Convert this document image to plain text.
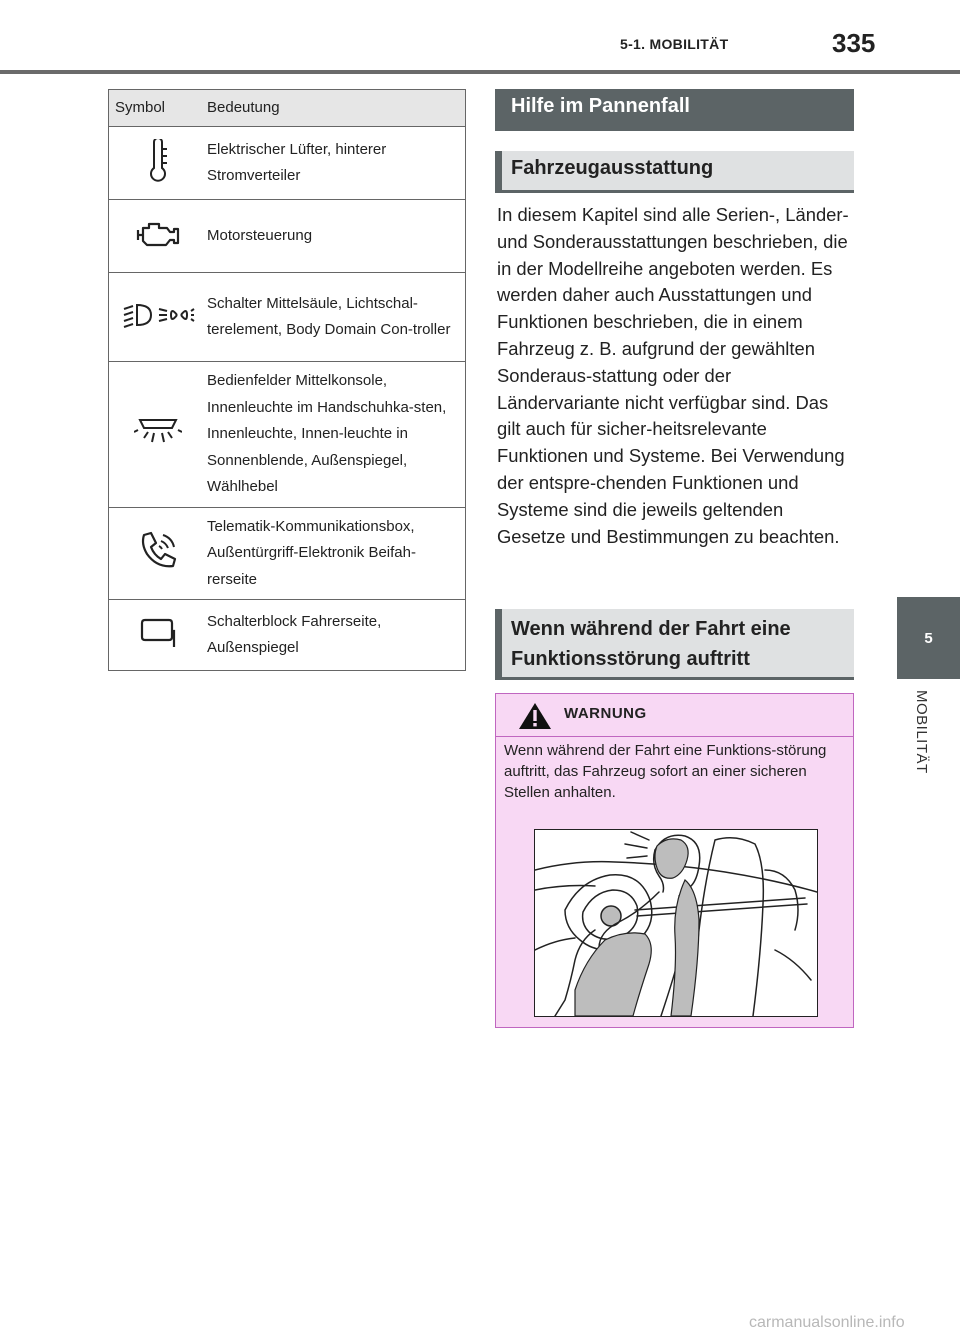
5-1. MOBILITÄT	335
5
MOBILITÄT
Symbol	Bedeutung

	Elektrischer Lüfter, hinterer Stromverteiler
	Motorsteuerung
	Schalter Mittelsäule, Lichtschal-terelement, Body Domain Con-troller
	Bedienfelder Mittelkonsole, Innenleuchte im Handschuhka-sten, Innenleuchte, Innen-leuchte in Sonnenblende, Außenspiegel, Wählhebel
	Telematik-Kommunikationsbox, Außentürgriff-Elektronik Beifah-rerseite
	Schalterblock Fahrerseite, Außenspiegel
Hilfe im Pannenfall
Fahrzeugausstattung
In diesem Kapitel sind alle Serien-, Länder- und Sonderausstattungen beschrieben, die in der Modellreihe angeboten werden. Es werden daher auch Ausstattungen und Funktionen beschrieben, die in einem Fahrzeug z. B. aufgrund der gewählten Sonderaus-stattung oder der Ländervariante nicht verfügbar sind. Das gilt auch für sicher-heitsrelevante Funktionen und Systeme. Bei Verwendung der entspre-chenden Funktionen und Systeme sind die jeweils geltenden Gesetze und Bestimmungen zu beachten.
Wenn während der Fahrt eine Funktionsstörung auftritt
WARNUNG
Wenn während der Fahrt eine Funktions-störung auftritt, das Fahrzeug sofort an einer sicheren Stellen anhalten.
carmanualsonline.info
